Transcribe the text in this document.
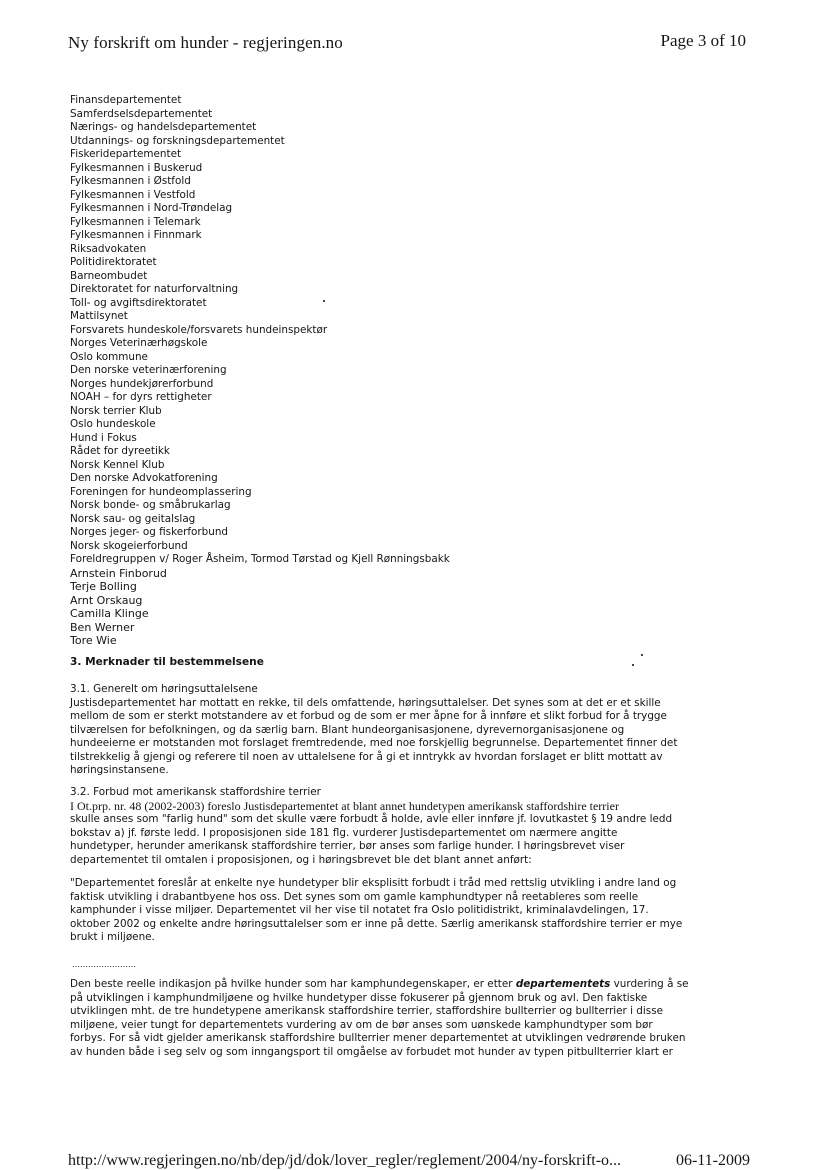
Ny forskrift om hunder - regjeringen.no	Page 3 of 10
Finansdepartementet
Samferdselsdepartementet
Nærings- og handelsdepartementet
Utdannings- og forskningsdepartementet
Fiskeridepartementet
Fylkesmannen i Buskerud
Fylkesmannen i Østfold
Fylkesmannen i Vestfold
Fylkesmannen i Nord-Trøndelag
Fylkesmannen i Telemark
Fylkesmannen i Finnmark
Riksadvokaten
Politidirektoratet
Barneombudet
Direktoratet for naturforvaltning
Toll- og avgiftsdirektoratet
Mattilsynet
Forsvarets hundeskole/forsvarets hundeinspektør
Norges Veterinærhøgskole
Oslo kommune
Den norske veterinærforening
Norges hundekjørerforbund
NOAH – for dyrs rettigheter
Norsk terrier Klub
Oslo hundeskole
Hund i Fokus
Rådet for dyreetikk
Norsk Kennel Klub
Den norske Advokatforening
Foreningen for hundeomplassering
Norsk bonde- og småbrukarlag
Norsk sau- og geitalslag
Norges jeger- og fiskerforbund
Norsk skogeierforbund
Foreldregruppen v/ Roger Åsheim, Tormod Tørstad og Kjell Rønningsbakk
Arnstein Finborud
Terje Bolling
Arnt Orskaug
Camilla Klinge
Ben Werner
Tore Wie
3. Merknader til bestemmelsene
3.1. Generelt om høringsuttalelsene
Justisdepartementet har mottatt en rekke, til dels omfattende, høringsuttalelser. Det synes som at det er et skille
mellom de som er sterkt motstandere av et forbud og de som er mer åpne for å innføre et slikt forbud for å trygge
tilværelsen for befolkningen, og da særlig barn. Blant hundeorganisasjonene, dyrevernorganisasjonene og
hundeeierne er motstanden mot forslaget fremtredende, med noe forskjellig begrunnelse. Departementet finner det
tilstrekkelig å gjengi og referere til noen av uttalelsene for å gi et inntrykk av hvordan forslaget er blitt mottatt av
høringsinstansene.
3.2. Forbud mot amerikansk staffordshire terrier
I Ot.prp. nr. 48 (2002-2003) foreslo Justisdepartementet at blant annet hundetypen amerikansk staffordshire terrier
skulle anses som "farlig hund" som det skulle være forbudt å holde, avle eller innføre jf. lovutkastet § 19 andre ledd
bokstav a) jf. første ledd. I proposisjonen side 181 flg. vurderer Justisdepartementet om nærmere angitte
hundetyper, herunder amerikansk staffordshire terrier, bør anses som farlige hunder. I høringsbrevet viser
departementet til omtalen i proposisjonen, og i høringsbrevet ble det blant annet anført:
"Departementet foreslår at enkelte nye hundetyper blir eksplisitt forbudt i tråd med rettslig utvikling i andre land og
faktisk utvikling i drabantbyene hos oss. Det synes som om gamle kamphundtyper nå reetableres som reelle
kamphunder i visse miljøer. Departementet vil her vise til notatet fra Oslo politidistrikt, kriminalavdelingen, 17.
oktober 2002 og enkelte andre høringsuttalelser som er inne på dette. Særlig amerikansk staffordshire terrier er mye
brukt i miljøene.
……………………
Den beste reelle indikasjon på hvilke hunder som har kamphundegenskaper, er etter departementets vurdering å se
på utviklingen i kamphundmiljøene og hvilke hundetyper disse fokuserer på gjennom bruk og avl. Den faktiske
utviklingen mht. de tre hundetypene amerikansk staffordshire terrier, staffordshire bullterrier og bullterrier i disse
miljøene, veier tungt for departementets vurdering av om de bør anses som uønskede kamphundtyper som bør
forbys. For så vidt gjelder amerikansk staffordshire bullterrier mener departementet at utviklingen vedrørende bruken
av hunden både i seg selv og som inngangsport til omgåelse av forbudet mot hunder av typen pitbullterrier klart er
http://www.regjeringen.no/nb/dep/jd/dok/lover_regler/reglement/2004/ny-forskrift-o...	06-11-2009
